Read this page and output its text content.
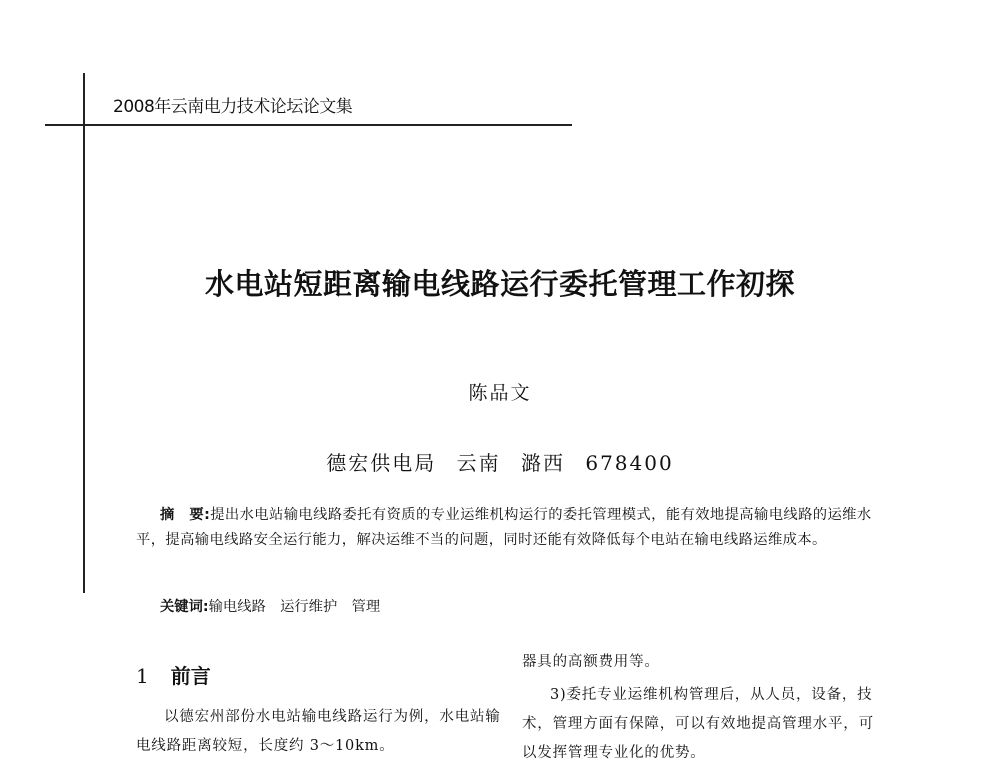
2008年云南电力技术论坛论文集
水电站短距离输电线路运行委托管理工作初探
陈品文
德宏供电局 云南 潞西 678400
摘　要:提出水电站输电线路委托有资质的专业运维机构运行的委托管理模式，能有效地提高输电线路的运维水平，提高输电线路安全运行能力，解决运维不当的问题，同时还能有效降低每个电站在输电线路运维成本。
关键词:输电线路　运行维护　管理
1 前言
以德宏州部份水电站输电线路运行为例，水电站输电线路距离较短，长度约 3～10km。

器具的高额费用等。

3)委托专业运维机构管理后，从人员，设备，技术，管理方面有保障，可以有效地提高管理水平，可以发挥管理专业化的优势。
